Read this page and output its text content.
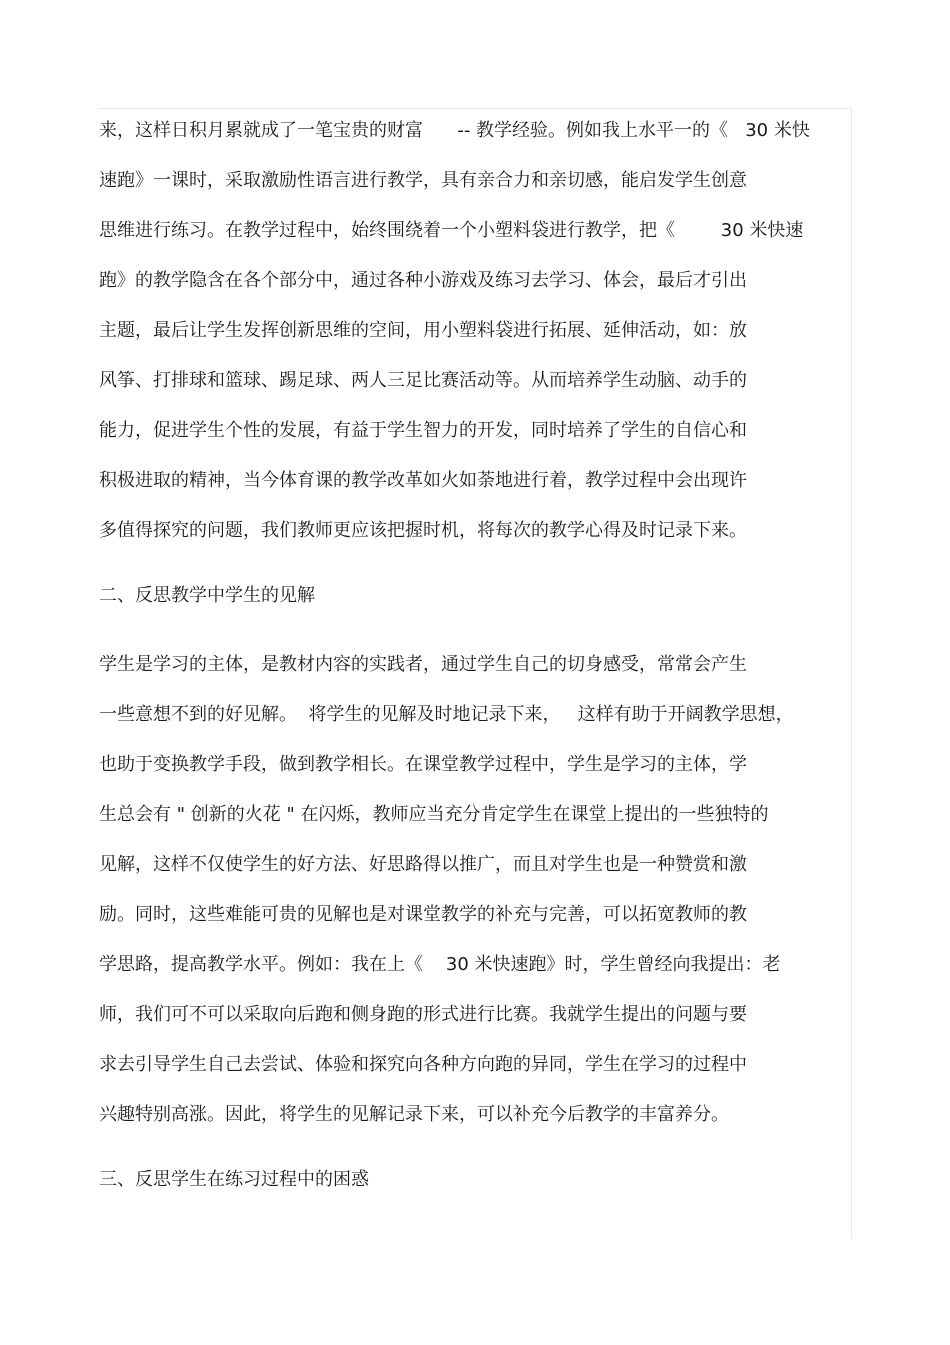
来，这样日积月累就成了一笔宝贵的财富      -- 教学经验。例如我上水平一的《   30 米快
速跑》一课时，采取激励性语言进行教学，具有亲合力和亲切感，能启发学生创意
思维进行练习。在教学过程中，始终围绕着一个小塑料袋进行教学，把《        30 米快速
跑》的教学隐含在各个部分中，通过各种小游戏及练习去学习、体会，最后才引出
主题，最后让学生发挥创新思维的空间，用小塑料袋进行拓展、延伸活动，如：放
风筝、打排球和篮球、踢足球、两人三足比赛活动等。从而培养学生动脑、动手的
能力，促进学生个性的发展，有益于学生智力的开发，同时培养了学生的自信心和
积极进取的精神，当今体育课的教学改革如火如荼地进行着，教学过程中会出现许
多值得探究的问题，我们教师更应该把握时机，将每次的教学心得及时记录下来。
二、反思教学中学生的见解
学生是学习的主体，是教材内容的实践者，通过学生自己的切身感受，常常会产生
一些意想不到的好见解。  将学生的见解及时地记录下来，   这样有助于开阔教学思想，
也助于变换教学手段，做到教学相长。在课堂教学过程中，学生是学习的主体，学
生总会有 " 创新的火花 " 在闪烁，教师应当充分肯定学生在课堂上提出的一些独特的
见解，这样不仅使学生的好方法、好思路得以推广，而且对学生也是一种赞赏和激
励。同时，这些难能可贵的见解也是对课堂教学的补充与完善，可以拓宽教师的教
学思路，提高教学水平。例如：我在上《    30 米快速跑》时，学生曾经向我提出：老
师，我们可不可以采取向后跑和侧身跑的形式进行比赛。我就学生提出的问题与要
求去引导学生自己去尝试、体验和探究向各种方向跑的异同，学生在学习的过程中
兴趣特别高涨。因此，将学生的见解记录下来，可以补充今后教学的丰富养分。
三、反思学生在练习过程中的困惑
